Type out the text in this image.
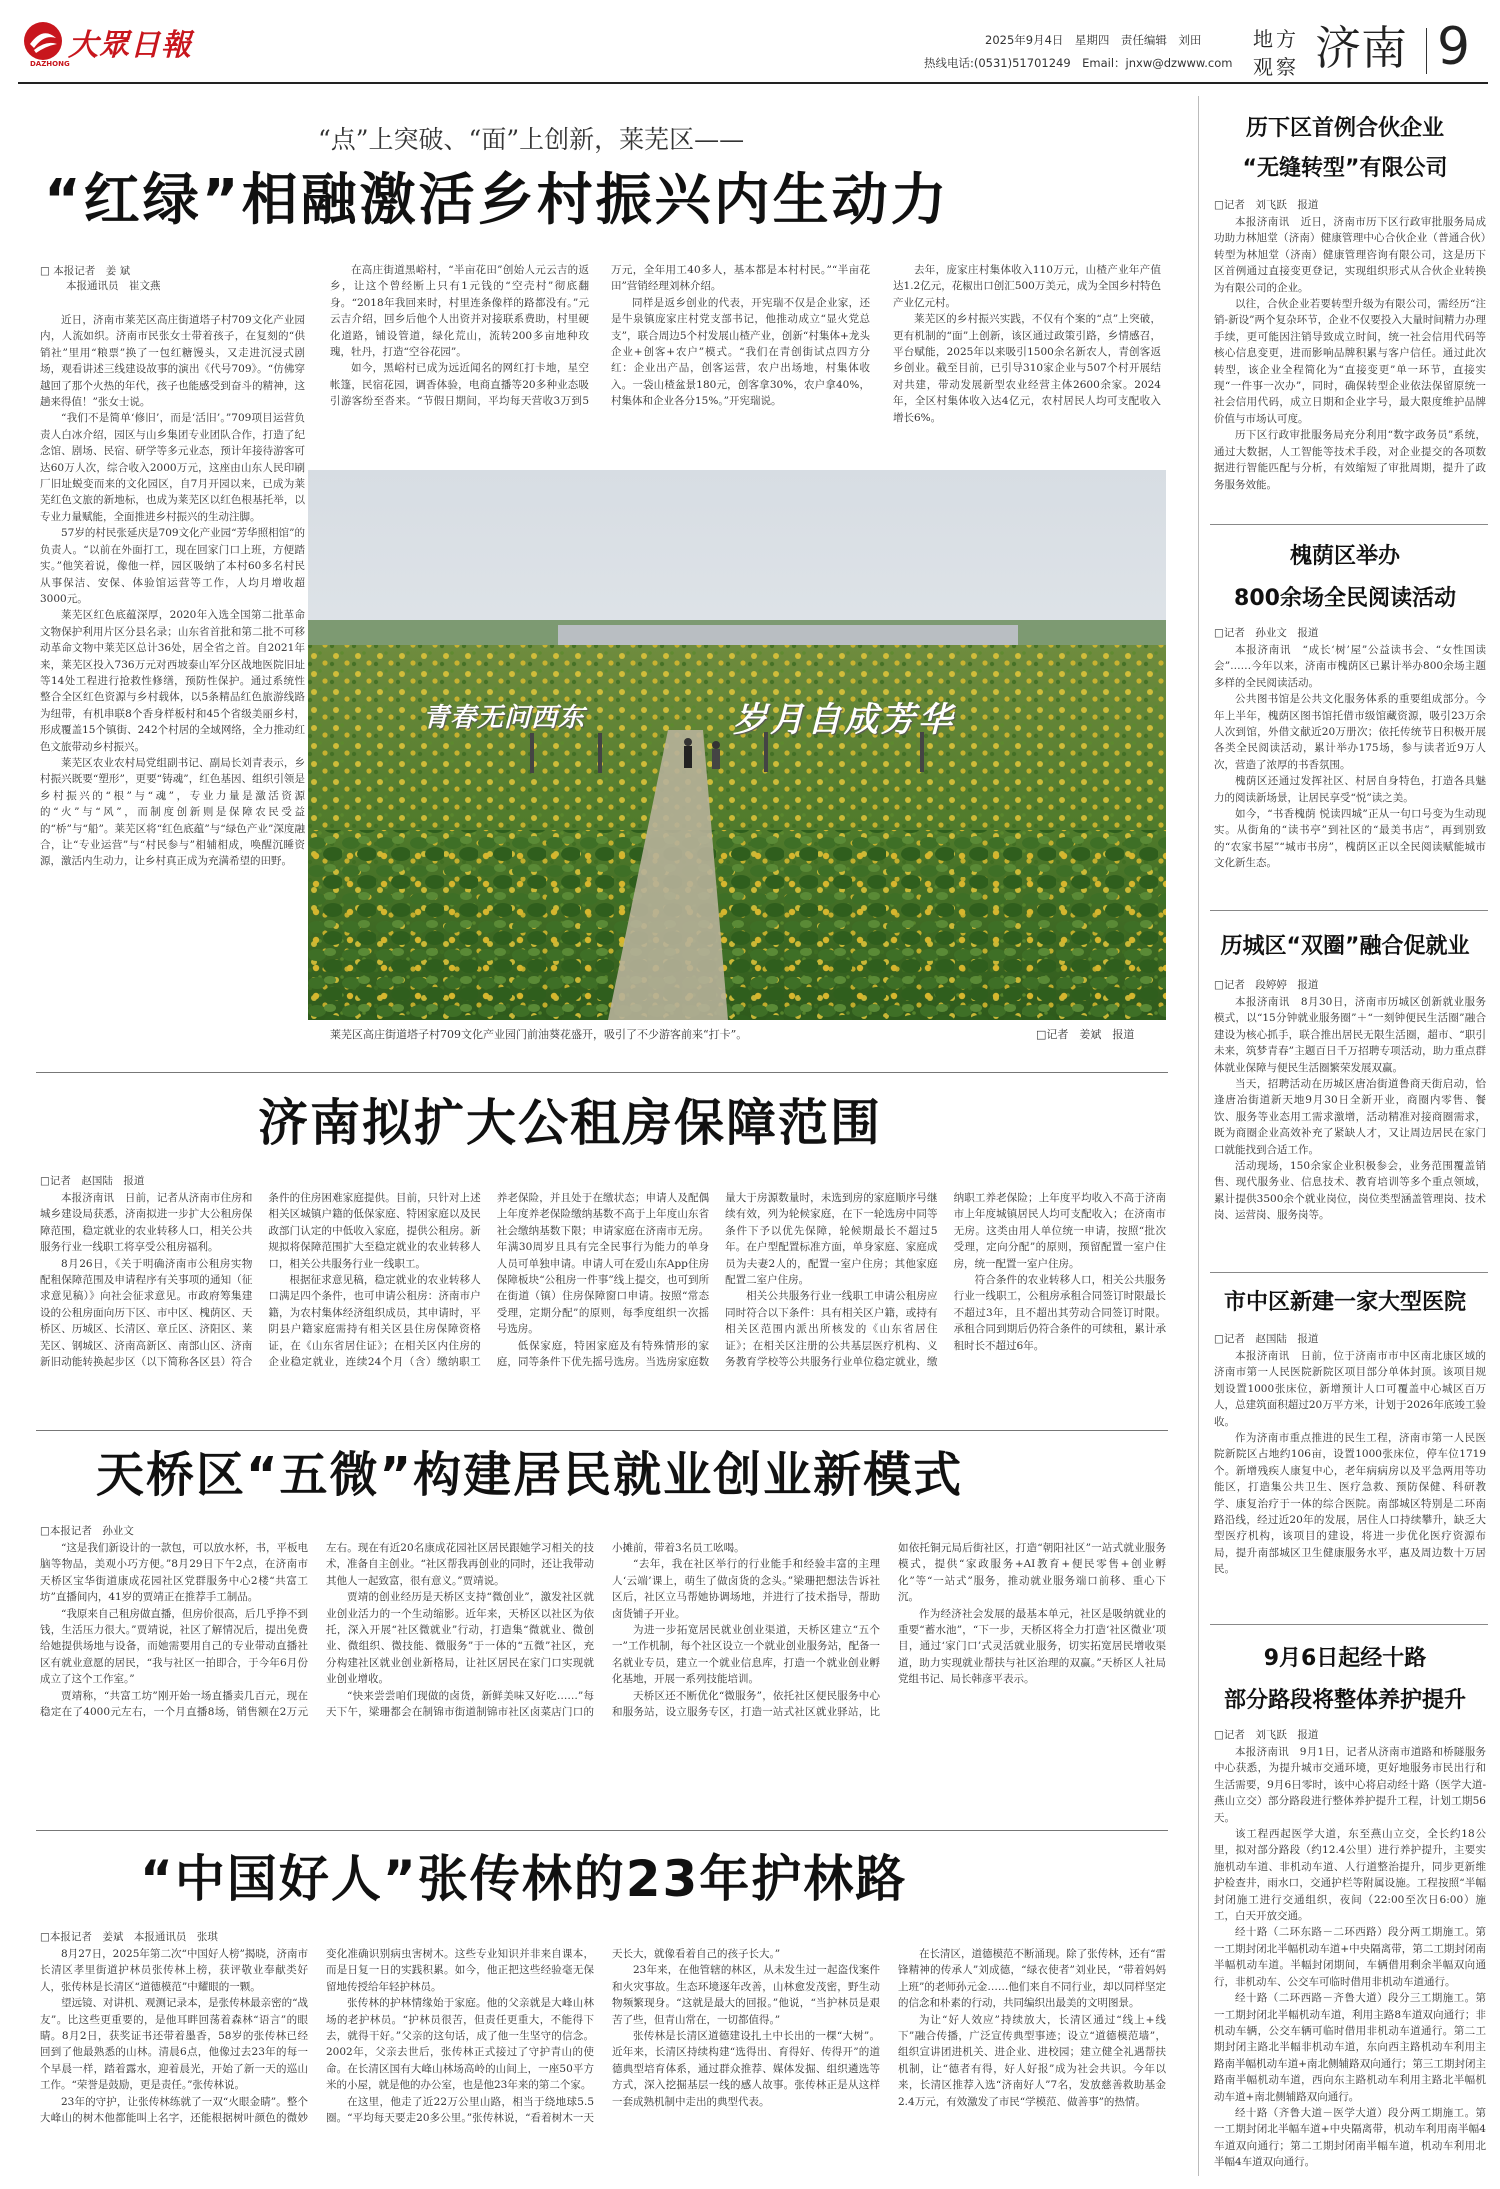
大眾日報
DAZHONG
2025年9月4日　星期四　责任编辑　刘田
热线电话:(0531)51701249　Email：jnxw@dzwww.com
地方
观察 济南 9
“点”上突破、“面”上创新，莱芜区——
“红绿”相融激活乡村振兴内生动力
□ 本报记者　姜 斌
本报通讯员　崔文燕

近日，济南市莱芜区高庄街道塔子村709文化产业园内，人流如织。济南市民张女士带着孩子，在复刻的“供销社”里用“粮票”换了一包红糖馒头，又走进沉浸式剧场，观看讲述三线建设故事的演出《代号709》。“仿佛穿越回了那个火热的年代，孩子也能感受到奋斗的精神，这趟来得值！”张女士说。

“我们不是简单‘修旧’，而是‘活旧’。”709项目运营负责人白冰介绍，园区与山乡集团专业团队合作，打造了纪念馆、剧场、民宿、研学等多元业态，预计年接待游客可达60万人次，综合收入2000万元，这座由山东人民印刷厂旧址蜕变而来的文化园区，自7月开园以来，已成为莱芜红色文旅的新地标，也成为莱芜区以红色根基托举，以专业力量赋能，全面推进乡村振兴的生动注脚。

57岁的村民张延庆是709文化产业园“芳华照相馆”的负责人。“以前在外面打工，现在回家门口上班，方便踏实。”他笑着说，像他一样，园区吸纳了本村60多名村民从事保洁、安保、体验馆运营等工作，人均月增收超3000元。

莱芜区红色底蕴深厚，2020年入选全国第二批革命文物保护利用片区分县名录；山东省首批和第二批不可移动革命文物中莱芜区总计36处，居全省之首。自2021年来，莱芜区投入736万元对西坡泰山军分区战地医院旧址等14处工程进行抢救性修缮，预防性保护。通过系统性整合全区红色资源与乡村载体，以5条精品红色旅游线路为纽带，有机串联8个香身样板村和45个省级美丽乡村，形成覆盖15个镇街、242个村居的全域网络，全力推动红色文旅带动乡村振兴。

莱芜区农业农村局党组副书记、副局长刘青表示，乡村振兴既要“塑形”，更要“铸魂”，红色基因、组织引领是乡村振兴的“根”与“魂”，专业力量是激活资源的“火”与“风”，而制度创新则是保障农民受益的“桥”与“船”。莱芜区将“红色底蕴”与“绿色产业”深度融合，让“专业运营”与“村民参与”相辅相成，唤醒沉睡资源，激活内生动力，让乡村真正成为充满希望的田野。

在高庄街道黑峪村，“半亩花田”创始人元云吉的返乡，让这个曾经断上只有1元钱的“空壳村”彻底翻身。“2018年我回来时，村里连条像样的路都没有。”元云吉介绍，回乡后他个人出资并对接联系费助，村里硬化道路，铺设管道，绿化荒山，流转200多亩地种玫瑰，牡丹，打造“空谷花园”。

如今，黑峪村已成为远近闻名的网红打卡地，星空帐篷，民宿花园，调香体验，电商直播等20多种业态吸引游客纷至沓来。“节假日期间，平均每天营收3万到5万元，全年用工40多人，基本都是本村村民。”“半亩花田”营销经理刘林介绍。

同样是返乡创业的代表，开宪瑞不仅是企业家，还是牛泉镇庞家庄村党支部书记，他推动成立“显火党总支”，联合周边5个村发展山楂产业，创新“村集体+龙头企业+创客+农户”模式。“我们在青创街试点四方分红：企业出产品，创客运营，农户出场地，村集体收入。一袋山楂盆景180元，创客拿30%，农户拿40%，村集体和企业各分15%。”开宪瑞说。

去年，庞家庄村集体收入110万元，山楂产业年产值达1.2亿元，花椒出口创汇500万美元，成为全国乡村特色产业亿元村。

莱芜区的乡村振兴实践，不仅有个案的“点”上突破，更有机制的“面”上创新，该区通过政策引路，乡情感召，平台赋能，2025年以来吸引1500余名新农人，青创客返乡创业。截至目前，已引导310家企业与507个村开展结对共建，带动发展新型农业经营主体2600余家。2024年，全区村集体收入达4亿元，农村居民人均可支配收入增长6%。

青春无问西东	岁月自成芳华
莱芜区高庄街道塔子村709文化产业园门前油葵花盛开，吸引了不少游客前来“打卡”。	□记者　姜斌　报道
济南拟扩大公租房保障范围
□记者　赵国陆　报道

本报济南讯　日前，记者从济南市住房和城乡建设局获悉，济南拟进一步扩大公租房保障范围，稳定就业的农业转移人口，相关公共服务行业一线职工将享受公租房福利。

8月26日，《关于明确济南市公租房实物配租保障范围及申请程序有关事项的通知（征求意见稿）》向社会征求意见。市政府筹集建设的公租房面向历下区、市中区、槐荫区、天桥区、历城区、长清区、章丘区、济阳区、莱芜区、钢城区、济南高新区、南部山区、济南新旧动能转换起步区（以下简称各区县）符合条件的住房困难家庭提供。目前，只针对上述相关区城镇户籍的低保家庭、特困家庭以及民政部门认定的中低收入家庭，提供公租房。新规拟将保障范围扩大至稳定就业的农业转移人口，相关公共服务行业一线职工。

根据征求意见稿，稳定就业的农业转移人口满足四个条件，也可申请公租房：济南市户籍，为农村集体经济组织成员，其申请时，平阴县户籍家庭需持有相关区县住房保障资格证，在《山东省居住证》；在相关区内住房的企业稳定就业，连续24个月（含）缴纳职工养老保险，并且处于在缴状态；申请人及配偶上年度养老保险缴纳基数不高于上年度山东省社会缴纳基数下限；申请家庭在济南市无房。年满30周岁且具有完全民事行为能力的单身人员可单独申请。申请人可在爱山东App住房保障板块“公租房一件事”线上提交，也可到所在街道（镇）住房保障窗口申请。按照“常态受理，定期分配”的原则，每季度组织一次摇号选房。

低保家庭，特困家庭及有特殊情形的家庭，同等条件下优先摇号选房。当选房家庭数量大于房源数量时，未选到房的家庭顺序号继续有效，列为轮候家庭，在下一轮选房中同等条件下予以优先保障，轮候期最长不超过5年。在户型配置标准方面，单身家庭、家庭成员为夫妻2人的，配置一室户住房；其他家庭配置二室户住房。

相关公共服务行业一线职工申请公租房应同时符合以下条件：具有相关区户籍，或持有相关区范围内派出所核发的《山东省居住证》；在相关区注册的公共基层医疗机构、义务教育学校等公共服务行业单位稳定就业，缴纳职工养老保险；上年度平均收入不高于济南市上年度城镇居民人均可支配收入；在济南市无房。这类由用人单位统一申请，按照“批次受理，定向分配”的原则，预留配置一室户住房，统一配置一室户住房。

符合条件的农业转移人口，相关公共服务行业一线职工，公租房承租合同签订时限最长不超过3年，且不超出其劳动合同签订时限。承租合同到期后仍符合条件的可续租，累计承租时长不超过6年。

天桥区“五微”构建居民就业创业新模式
□本报记者　孙业文

“这是我们新设计的一款包，可以放水杯，书，平板电脑等物品，美观小巧方便。”8月29日下午2点，在济南市天桥区宝华街道康成花园社区党群服务中心2楼“共富工坊”直播间内，41岁的贾靖正在推荐手工制品。

“我原来自己租房做直播，但房价很高，后几乎挣不到钱，生活压力很大。”贾靖说，社区了解情况后，提出免费给她提供场地与设备，而她需要用自己的专业带动直播社区有就业意愿的居民，“我与社区一拍即合，于今年6月份成立了这个工作室。”

贾靖称，“共富工坊”刚开始一场直播卖几百元，现在稳定在了4000元左右，一个月直播8场，销售额在2万元左右。现在有近20名康成花园社区居民跟她学习相关的技术，准备自主创业。“社区帮我再创业的同时，还让我带动其他人一起致富，很有意义。”贾靖说。

贾靖的创业经历是天桥区支持“微创业”，激发社区就业创业活力的一个生动缩影。近年来，天桥区以社区为依托，深入开展“社区微就业”行动，打造集“微就业、微创业、微组织、微技能、微服务”于一体的“五微”社区，充分构建社区就业创业新格局，让社区居民在家门口实现就业创业增收。

“快来尝尝咱们现做的卤货，新鲜美味又好吃……”每天下午，梁珊都会在制锦市街道制锦市社区卤菜店门口的小摊前，带着3名员工吆喝。

“去年，我在社区举行的行业能手和经验丰富的主理人‘云端’课上，萌生了做卤货的念头。”梁珊把想法告诉社区后，社区立马帮她协调场地，并进行了技术指导，帮助卤货铺子开业。

为进一步拓宽居民就业创业渠道，天桥区建立“五个一”工作机制，每个社区设立一个就业创业服务站，配备一名就业专员，建立一个就业信息库，打造一个就业创业孵化基地，开展一系列技能培训。

天桥区还不断优化“微服务”，依托社区便民服务中心和服务站，设立服务专区，打造一站式社区就业驿站，比如依托铜元局后街社区，打造“朝阳社区”一站式就业服务模式，提供“家政服务+AI教育+便民零售+创业孵化”等“一站式”服务，推动就业服务端口前移、重心下沉。

作为经济社会发展的最基本单元，社区是吸纳就业的重要“蓄水池”，“下一步，天桥区将全力打造‘社区微业’项目，通过‘家门口’式灵活就业服务，切实拓宽居民增收渠道，助力实现就业帮扶与社区治理的双赢。”天桥区人社局党组书记、局长韩彦平表示。

“中国好人”张传林的23年护林路
□本报记者　姜斌　本报通讯员　张琪

8月27日，2025年第二次“中国好人榜”揭晓，济南市长清区孝里街道护林员张传林上榜，获评敬业奉献类好人，张传林是长清区“道德模范”中耀眼的一颗。

望远镜、对讲机、观测记录本，是张传林最亲密的“战友”。比这些更重要的，是他耳畔回荡着森林“语言”的眼睛。8月2日，获奖证书还带着墨香，58岁的张传林已经回到了他最熟悉的山林。清晨6点，他像过去23年的每一个早晨一样，踏着露水，迎着晨光，开始了新一天的巡山工作。“荣誉是鼓励，更是责任。”张传林说。

23年的守护，让张传林练就了一双“火眼金睛”。整个大峰山的树木他都能叫上名字，还能根据树叶颜色的微妙变化准确识别病虫害树木。这些专业知识并非来自课本，而是日复一日的实践积累。如今，他正把这些经验毫无保留地传授给年轻护林员。

张传林的护林情缘始于家庭。他的父亲就是大峰山林场的老护林员。“护林员很苦，但责任更重大，不能得下去，就得干好。”父亲的这句话，成了他一生坚守的信念。2002年，父亲去世后，张传林正式接过了守护青山的使命。在长清区国有大峰山林场高岭的山间上，一座50平方米的小屋，就是他的办公室，也是他23年来的第二个家。

在这里，他走了近22万公里山路，相当于绕地球5.5圈。“平均每天要走20多公里。”张传林说，“看着树木一天天长大，就像看着自己的孩子长大。”

23年来，在他管辖的林区，从未发生过一起盗伐案件和火灾事故。生态环境逐年改善，山林愈发茂密，野生动物频繁现身。“这就是最大的回报。”他说，“当护林员是艰苦了些，但青山常在，一切都值得。”

张传林是长清区道德建设扎土中长出的一棵“大树”。近年来，长清区持续构建“选得出、育得好、传得开”的道德典型培育体系，通过群众推荐、媒体发掘、组织遴选等方式，深入挖掘基层一线的感人故事。张传林正是从这样一套成熟机制中走出的典型代表。

在长清区，道德模范不断涌现。除了张传林，还有“雷锋精神的传承人”刘成德，“绿衣使者”刘业民，“带着妈妈上班”的老师孙元金……他们来自不同行业，却以同样坚定的信念和朴素的行动，共同编织出最美的文明图景。

为让“好人效应”持续放大，长清区通过“线上+线下”融合传播，广泛宣传典型事迹；设立“道德模范墙”，组织宣讲团进机关、进企业、进校园；建立健全礼遇帮扶机制，让“德者有得，好人好报”成为社会共识。今年以来，长清区推荐入选“济南好人”7名，发放慈善救助基金2.4万元，有效激发了市民“学模范、做善事”的热情。

历下区首例合伙企业
“无缝转型”有限公司
□记者　刘飞跃　报道

本报济南讯　近日，济南市历下区行政审批服务局成功助力林旭堂（济南）健康管理中心合伙企业（普通合伙）转型为林旭堂（济南）健康管理咨询有限公司，这是历下区首例通过直接变更登记，实现组织形式从合伙企业转换为有限公司的企业。

以往，合伙企业若要转型升级为有限公司，需经历“注销-新设”两个复杂环节，企业不仅要投入大量时间精力办理手续，更可能因注销导致成立时间，统一社会信用代码等核心信息变更，进而影响品牌积累与客户信任。通过此次转型，该企业全程简化为“直接变更”单一环节，直接实现“一件事一次办”，同时，确保转型企业依法保留原统一社会信用代码，成立日期和企业字号，最大限度维护品牌价值与市场认可度。

历下区行政审批服务局充分利用“数字政务员”系统，通过大数据，人工智能等技术手段，对企业提交的各项数据进行智能匹配与分析，有效缩短了审批周期，提升了政务服务效能。

槐荫区举办
800余场全民阅读活动
□记者　孙业文　报道

本报济南讯　“成长‘树’屋”公益读书会、“女性国读会”……今年以来，济南市槐荫区已累计举办800余场主题多样的全民阅读活动。

公共图书馆是公共文化服务体系的重要组成部分。今年上半年，槐荫区图书馆托借市级馆藏资源，吸引23万余人次到馆，外借文献近20万册次；依托传统节日积极开展各类全民阅读活动，累计举办175场，参与读者近9万人次，营造了浓厚的书香氛围。

槐荫区还通过发挥社区、村居自身特色，打造各具魅力的阅读新场景，让居民享受“悦”读之美。

如今，“书香槐荫 悦读四城”正从一句口号变为生动现实。从街角的“读书亭”到社区的“最美书店”，再到别致的“农家书屋”“城市书房”，槐荫区正以全民阅读赋能城市文化新生态。

历城区“双圈”融合促就业
□记者　段婷婷　报道

本报济南讯　8月30日，济南市历城区创新就业服务模式，以“15分钟就业服务圈”＋“一刻钟便民生活圈”融合建设为核心抓手，联合推出居民无限生活圈，超市、“职引未来，筑梦青春”主题百日千万招聘专项活动，助力重点群体就业保障与便民生活圈繁荣发展双赢。

当天，招聘活动在历城区唐冶街道鲁商天街启动，恰逢唐冶街道新天地9月30日全新开业，商圈内零售、餐饮、服务等业态用工需求激增，活动精准对接商圈需求，既为商圈企业高效补充了紧缺人才，又让周边居民在家门口就能找到合适工作。

活动现场，150余家企业积极参会，业务范围覆盖销售、现代服务业、信息技术、教育培训等多个重点领域，累计提供3500余个就业岗位，岗位类型涵盖管理岗、技术岗、运营岗、服务岗等。

市中区新建一家大型医院
□记者　赵国陆　报道

本报济南讯　日前，位于济南市市中区南北康区域的济南市第一人民医院新院区项目部分单体封顶。该项目规划设置1000张床位，新增预计人口可覆盖中心城区百万人，总建筑面积超过20万平方米，计划于2026年底竣工验收。

作为济南市重点推进的民生工程，济南市第一人民医院新院区占地约106亩，设置1000张床位，停车位1719个。新增残疾人康复中心，老年病病房以及平急两用等功能区，打造集公共卫生、医疗急救、预防保健、科研教学、康复治疗于一体的综合医院。南部城区特别是二环南路沿线，经过近20年的发展，居住人口持续攀升，缺乏大型医疗机构，该项目的建设，将进一步优化医疗资源布局，提升南部城区卫生健康服务水平，惠及周边数十万居民。

9月6日起经十路
部分路段将整体养护提升
□记者　刘飞跃　报道

本报济南讯　9月1日，记者从济南市道路和桥隧服务中心获悉，为提升城市交通环境，更好地服务市民出行和生活需要，9月6日零时，该中心将启动经十路（医学大道-燕山立交）部分路段进行整体养护提升工程，计划工期56天。

该工程西起医学大道，东至燕山立交，全长约18公里，拟对部分路段（约12.4公里）进行养护提升，主要实施机动车道、非机动车道、人行道整治提升，同步更新维护检查井，雨水口，交通护栏等附属设施。工程按照“半幅封闭施工进行交通组织，夜间（22:00至次日6:00）施工，白天开放交通。

经十路（二环东路－二环西路）段分两工期施工。第一工期封闭北半幅机动车道+中央隔离带，第二工期封闭南半幅机动车道。半幅封闭期间，车辆借用剩余半幅双向通行，非机动车、公交车可临时借用非机动车道通行。

经十路（二环西路－齐鲁大道）段分三工期施工。第一工期封闭北半幅机动车道，利用主路8车道双向通行；非机动车辆，公交车辆可临时借用非机动车道通行。第二工期封闭主路北半幅非机动车道，东向西主路机动车利用主路南半幅机动车道+南北侧辅路双向通行；第三工期封闭主路南半幅机动车道，西向东主路机动车利用主路北半幅机动车道+南北侧辅路双向通行。

经十路（齐鲁大道－医学大道）段分两工期施工。第一工期封闭北半幅车道+中央隔离带，机动车利用南半幅4车道双向通行；第二工期封闭南半幅车道，机动车利用北半幅4车道双向通行。
